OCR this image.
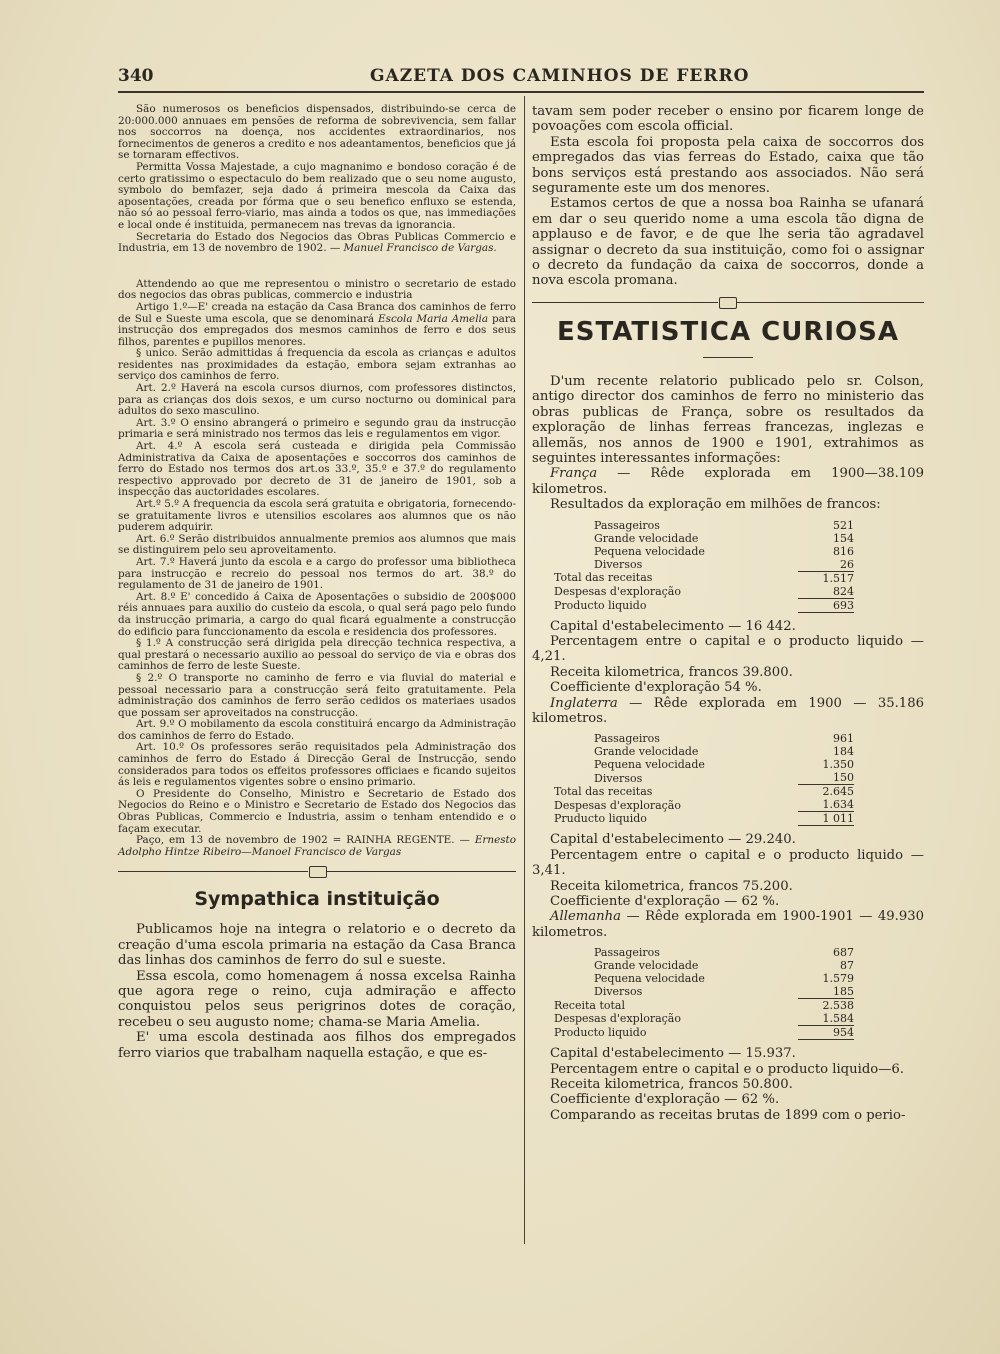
340	GAZETA DOS CAMINHOS DE FERRO

São numerosos os beneficios dispensados, distribuindo-se cerca de 20:000.000 annuaes em pensões de reforma de sobrevivencia, sem fallar nos soccorros na doença, nos accidentes extraordinarios, nos fornecimentos de generos a credito e nos adeantamentos, beneficios que já se tornaram effectivos.

Permitta Vossa Majestade, a cujo magnanimo e bondoso coração é de certo gratissimo o espectaculo do bem realizado que o seu nome augusto, symbolo do bemfazer, seja dado á primeira mescola da Caixa das aposentações, creada por fórma que o seu benefico enfluxo se estenda, não só ao pessoal ferro-viario, mas ainda a todos os que, nas immediações e local onde é instituida, permanecem nas trevas da ignorancia.

Secretaria do Estado dos Negocios das Obras Publicas Commercio e Industria, em 13 de novembro de 1902. — Manuel Francisco de Vargas.

Attendendo ao que me representou o ministro o secretario de estado dos negocios das obras publicas, commercio e industria

Artigo 1.º—E' creada na estação da Casa Branca dos caminhos de ferro de Sul e Sueste uma escola, que se denominará Escola Maria Amelia para instrucção dos empregados dos mesmos caminhos de ferro e dos seus filhos, parentes e pupillos menores.

§ unico. Serão admittidas á frequencia da escola as crianças e adultos residentes nas proximidades da estação, embora sejam extranhas ao serviço dos caminhos de ferro.

Art. 2.º Haverá na escola cursos diurnos, com professores distinctos, para as crianças dos dois sexos, e um curso nocturno ou dominical para adultos do sexo masculino.

Art. 3.º O ensino abrangerá o primeiro e segundo grau da instrucção primaria e será ministrado nos termos das leis e regulamentos em vigor.

Art. 4.º A escola será custeada e dirigida pela Commissão Administrativa da Caixa de aposentações e soccorros dos caminhos de ferro do Estado nos termos dos art.os 33.º, 35.º e 37.º do regulamento respectivo approvado por decreto de 31 de janeiro de 1901, sob a inspecção das auctoridades escolares.

Art.º 5.º A frequencia da escola será gratuita e obrigatoria, fornecendo-se gratuitamente livros e utensilios escolares aos alumnos que os não puderem adquirir.

Art. 6.º Serão distribuidos annualmente premios aos alumnos que mais se distinguirem pelo seu aproveitamento.

Art. 7.º Haverá junto da escola e a cargo do professor uma bibliotheca para instrucção e recreio do pessoal nos termos do art. 38.º do regulamento de 31 de janeiro de 1901.

Art. 8.º E' concedido á Caixa de Aposentações o subsidio de 200$000 réis annuaes para auxilio do custeio da escola, o qual será pago pelo fundo da instrucção primaria, a cargo do qual ficará egualmente a construcção do edificio para funccionamento da escola e residencia dos professores.

§ 1.º A construcção será dirigida pela direcção technica respectiva, a qual prestará o necessario auxilio ao pessoal do serviço de via e obras dos caminhos de ferro de leste Sueste.

§ 2.º O transporte no caminho de ferro e via fluvial do material e pessoal necessario para a construcção será feito gratuitamente. Pela administração dos caminhos de ferro serão cedidos os materiaes usados que possam ser aproveitados na construcção.

Art. 9.º O mobilamento da escola constituirá encargo da Administração dos caminhos de ferro do Estado.

Art. 10.º Os professores serão requisitados pela Administração dos caminhos de ferro do Estado á Direcção Geral de Instrucção, sendo considerados para todos os effeitos professores officiaes e ficando sujeitos ás leis e regulamentos vigentes sobre o ensino primario.

O Presidente do Conselho, Ministro e Secretario de Estado dos Negocios do Reino e o Ministro e Secretario de Estado dos Negocios das Obras Publicas, Commercio e Industria, assim o tenham entendido e o façam executar.

Paço, em 13 de novembro de 1902 = RAINHA REGENTE. — Ernesto Adolpho Hintze Ribeiro—Manoel Francisco de Vargas

Sympathica instituição

Publicamos hoje na integra o relatorio e o decreto da creação d'uma escola primaria na estação da Casa Branca das linhas dos caminhos de ferro do sul e sueste.

Essa escola, como homenagem á nossa excelsa Rainha que agora rege o reino, cuja admiração e affecto conquistou pelos seus perigrinos dotes de coração, recebeu o seu augusto nome; chama-se Maria Amelia.

E' uma escola destinada aos filhos dos empregados ferro viarios que trabalham naquella estação, e que es-

tavam sem poder receber o ensino por ficarem longe de povoações com escola official.

Esta escola foi proposta pela caixa de soccorros dos empregados das vias ferreas do Estado, caixa que tão bons serviços está prestando aos associados. Não será seguramente este um dos menores.

Estamos certos de que a nossa boa Rainha se ufanará em dar o seu querido nome a uma escola tão digna de applauso e de favor, e de que lhe seria tão agradavel assignar o decreto da sua instituição, como foi o assignar o decreto da fundação da caixa de soccorros, donde a nova escola promana.

ESTATISTICA CURIOSA

D'um recente relatorio publicado pelo sr. Colson, antigo director dos caminhos de ferro no ministerio das obras publicas de França, sobre os resultados da exploração de linhas ferreas francezas, inglezas e allemãs, nos annos de 1900 e 1901, extrahimos as seguintes interessantes informações:

França — Rêde explorada em 1900—38.109 kilometros.

Resultados da exploração em milhões de francos:

Passageiros	521
Grande velocidade	154
Pequena velocidade	816
Diversos	26
Total das receitas	1.517
Despesas d'exploração	824
Producto liquido	693

Capital d'estabelecimento — 16 442.

Percentagem entre o capital e o producto liquido —4,21.

Receita kilometrica, francos 39.800.

Coefficiente d'exploração 54 %.

Inglaterra — Rêde explorada em 1900 — 35.186 kilometros.

Passageiros	961
Grande velocidade	184
Pequena velocidade	1.350
Diversos	150
Total das receitas	2.645
Despesas d'exploração	1.634
Pruducto liquido	1 011

Capital d'estabelecimento — 29.240.

Percentagem entre o capital e o producto liquido — 3,41.

Receita kilometrica, francos 75.200.

Coefficiente d'exploração — 62 %.

Allemanha — Rêde explorada em 1900-1901 — 49.930 kilometros.

Passageiros	687
Grande velocidade	87
Pequena velocidade	1.579
Diversos	185
Receita total	2.538
Despesas d'exploração	1.584
Producto liquido	954

Capital d'estabelecimento — 15.937.

Percentagem entre o capital e o producto liquido—6.

Receita kilometrica, francos 50.800.

Coefficiente d'exploração — 62 %.

Comparando as receitas brutas de 1899 com o perio-
